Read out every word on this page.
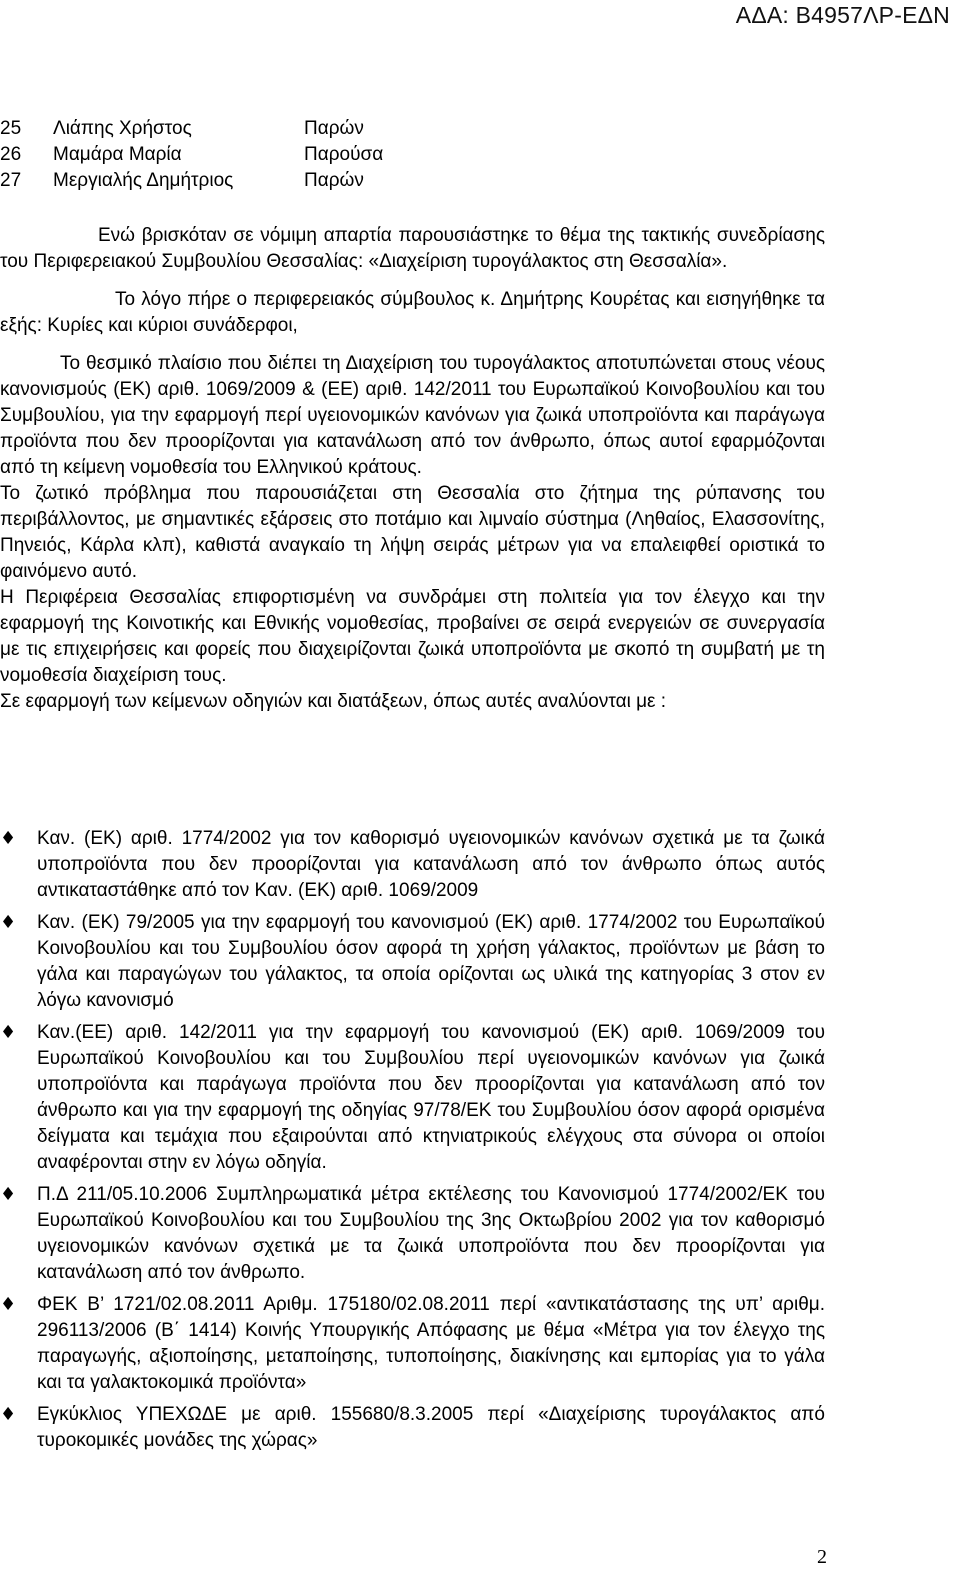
ΑΔΑ: Β4957ΛΡ-ΕΔΝ
25 Λιάπης Χρήστος	Παρών
26 Μαμάρα Μαρία	Παρούσα
27 Μεργιαλής Δημήτριος	Παρών

Ενώ βρισκόταν σε νόμιμη απαρτία παρουσιάστηκε το θέμα της τακτικής συνεδρίασης του Περιφερειακού Συμβουλίου Θεσσαλίας: «Διαχείριση τυρογάλακτος στη Θεσσαλία».

Το λόγο πήρε ο περιφερειακός σύμβουλος κ. Δημήτρης Κουρέτας και εισηγήθηκε τα εξής: Κυρίες και κύριοι συνάδερφοι,

Το θεσμικό πλαίσιο που διέπει τη Διαχείριση του τυρογάλακτος αποτυπώνεται στους νέους κανονισμούς (ΕΚ) αριθ. 1069/2009 & (ΕΕ) αριθ. 142/2011 του Ευρωπαϊκού Κοινοβουλίου και του Συμβουλίου, για την εφαρμογή περί υγειονομικών κανόνων για ζωικά υποπροϊόντα και παράγωγα προϊόντα που δεν προορίζονται για κατανάλωση από τον άνθρωπο, όπως αυτοί εφαρμόζονται από τη κείμενη νομοθεσία του Ελληνικού κράτους.

Το ζωτικό πρόβλημα που παρουσιάζεται στη Θεσσαλία στο ζήτημα της ρύπανσης του περιβάλλοντος, με σημαντικές εξάρσεις στο ποτάμιο και λιμναίο σύστημα (Ληθαίος, Ελασσονίτης, Πηνειός, Κάρλα κλπ), καθιστά αναγκαίο τη λήψη σειράς μέτρων για να επαλειφθεί οριστικά το φαινόμενο αυτό.

Η Περιφέρεια Θεσσαλίας επιφορτισμένη να συνδράμει στη πολιτεία για τον έλεγχο και την εφαρμογή της Κοινοτικής και Εθνικής νομοθεσίας, προβαίνει σε σειρά ενεργειών σε συνεργασία με τις επιχειρήσεις και φορείς που διαχειρίζονται ζωικά υποπροϊόντα με σκοπό τη συμβατή με τη νομοθεσία διαχείριση τους.

Σε εφαρμογή των κείμενων οδηγιών και διατάξεων, όπως αυτές αναλύονται με :

♦ Καν. (ΕΚ) αριθ. 1774/2002 για τον καθορισμό υγειονομικών κανόνων σχετικά με τα ζωικά υποπροϊόντα που δεν προορίζονται για κατανάλωση από τον άνθρωπο όπως αυτός αντικαταστάθηκε από τον Καν. (ΕΚ) αριθ. 1069/2009
♦ Καν. (ΕΚ) 79/2005 για την εφαρμογή του κανονισμού (ΕΚ) αριθ. 1774/2002 του Ευρωπαϊκού Κοινοβουλίου και του Συμβουλίου όσον αφορά τη χρήση γάλακτος, προϊόντων με βάση το γάλα και παραγώγων του γάλακτος, τα οποία ορίζονται ως υλικά της κατηγορίας 3 στον εν λόγω κανονισμό
♦ Καν.(ΕΕ) αριθ. 142/2011 για την εφαρμογή του κανονισμού (ΕΚ) αριθ. 1069/2009 του Ευρωπαϊκού Κοινοβουλίου και του Συμβουλίου περί υγειονομικών κανόνων για ζωικά υποπροϊόντα και παράγωγα προϊόντα που δεν προορίζονται για κατανάλωση από τον άνθρωπο και για την εφαρμογή της οδηγίας 97/78/ΕΚ του Συμβουλίου όσον αφορά ορισμένα δείγματα και τεμάχια που εξαιρούνται από κτηνιατρικούς ελέγχους στα σύνορα οι οποίοι αναφέρονται στην εν λόγω οδηγία.
♦ Π.Δ 211/05.10.2006 Συμπληρωματικά μέτρα εκτέλεσης του Κανονισμού 1774/2002/ΕΚ του Ευρωπαϊκού Κοινοβουλίου και του Συμβουλίου της 3ης Οκτωβρίου 2002 για τον καθορισμό υγειονομικών κανόνων σχετικά με τα ζωικά υποπροϊόντα που δεν προορίζονται για κατανάλωση από τον άνθρωπο.
♦ ΦΕΚ Β’ 1721/02.08.2011 Αριθμ. 175180/02.08.2011 περί «αντικατάστασης της υπ’ αριθμ. 296113/2006 (Β΄ 1414) Κοινής Υπουργικής Απόφασης με θέμα «Μέτρα για τον έλεγχο της παραγωγής, αξιοποίησης, μεταποίησης, τυποποίησης, διακίνησης και εμπορίας για το γάλα και τα γαλακτοκομικά προϊόντα»
♦ Εγκύκλιος ΥΠΕΧΩΔΕ με αριθ. 155680/8.3.2005 περί «Διαχείρισης τυρογάλακτος από τυροκομικές μονάδες της χώρας»
2
